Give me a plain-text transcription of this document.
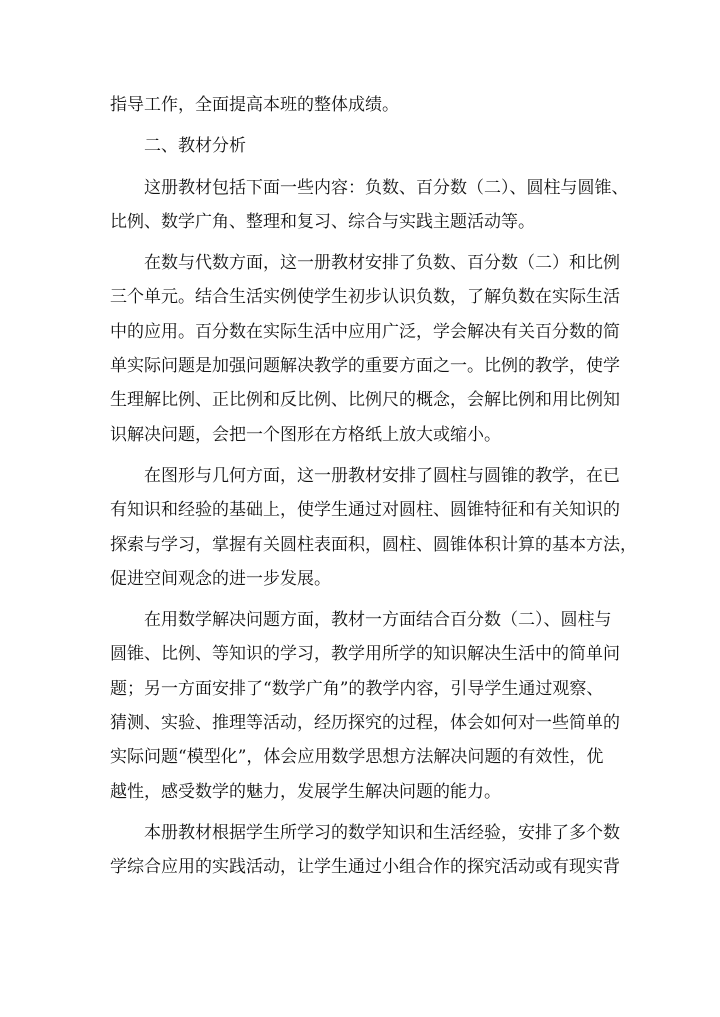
指导工作，全面提高本班的整体成绩。
二、教材分析
这册教材包括下面一些内容：负数、百分数（二）、圆柱与圆锥、
比例、数学广角、整理和复习、综合与实践主题活动等。
在数与代数方面，这一册教材安排了负数、百分数（二）和比例
三个单元。结合生活实例使学生初步认识负数，了解负数在实际生活
中的应用。百分数在实际生活中应用广泛，学会解决有关百分数的简
单实际问题是加强问题解决教学的重要方面之一。比例的教学，使学
生理解比例、正比例和反比例、比例尺的概念，会解比例和用比例知
识解决问题，会把一个图形在方格纸上放大或缩小。
在图形与几何方面，这一册教材安排了圆柱与圆锥的教学，在已
有知识和经验的基础上，使学生通过对圆柱、圆锥特征和有关知识的
探索与学习，掌握有关圆柱表面积，圆柱、圆锥体积计算的基本方法，
促进空间观念的进一步发展。
在用数学解决问题方面，教材一方面结合百分数（二）、圆柱与
圆锥、比例、等知识的学习，教学用所学的知识解决生活中的简单问
题；另一方面安排了“数学广角”的教学内容，引导学生通过观察、
猜测、实验、推理等活动，经历探究的过程，体会如何对一些简单的
实际问题“模型化”，体会应用数学思想方法解决问题的有效性，优
越性，感受数学的魅力，发展学生解决问题的能力。
本册教材根据学生所学习的数学知识和生活经验，安排了多个数
学综合应用的实践活动，让学生通过小组合作的探究活动或有现实背
